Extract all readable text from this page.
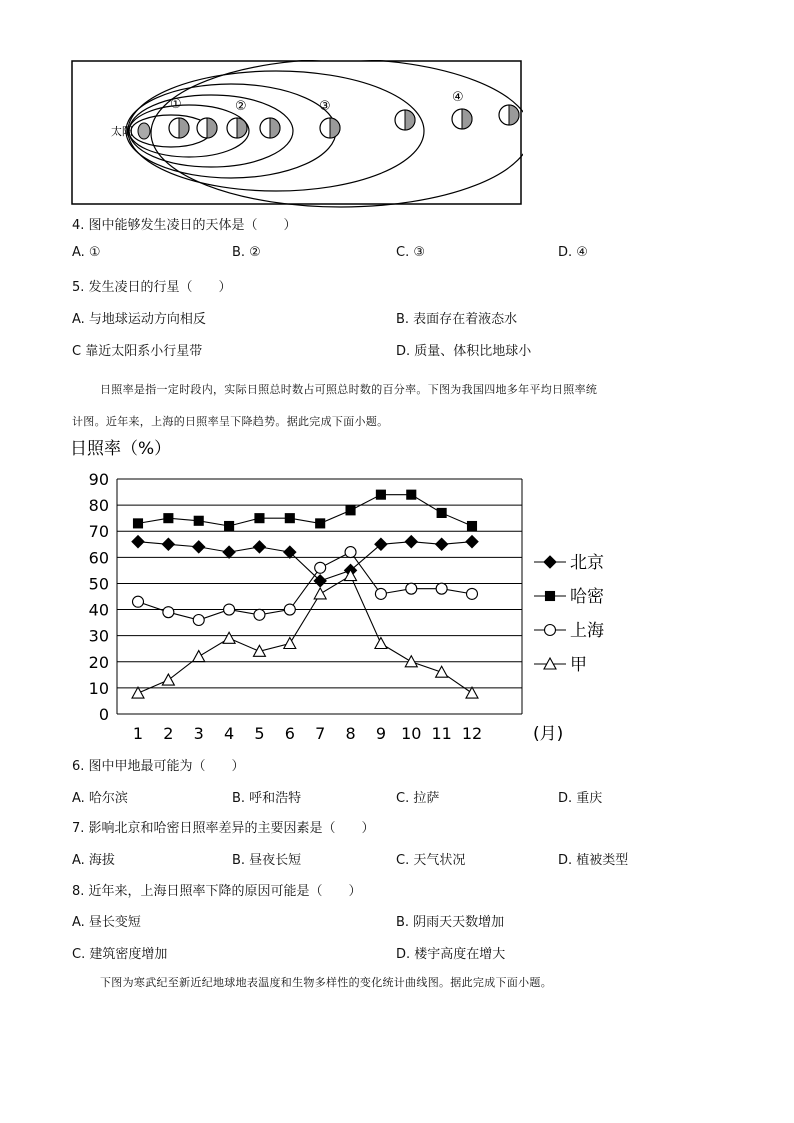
太阳
①	②	③
④
4. 图中能够发生凌日的天体是（　　）
A. ①	B. ②	C. ③	D. ④
5. 发生凌日的行星（　　）
A. 与地球运动方向相反	B. 表面存在着液态水
C 靠近太阳系小行星带	D. 质量、体积比地球小
日照率是指一定时段内，实际日照总时数占可照总时数的百分率。下图为我国四地多年平均日照率统
计图。近年来，上海的日照率呈下降趋势。据此完成下面小题。
日照率（%）
0
10
20
30
40
50
60
70
80
90
1 2 3 4 5 6 7 8 9 10 11 12	(月)
北京
哈密
上海
甲
6. 图中甲地最可能为（　　）
A. 哈尔滨	B. 呼和浩特	C. 拉萨	D. 重庆
7. 影响北京和哈密日照率差异的主要因素是（　　）
A. 海拔	B. 昼夜长短	C. 天气状况	D. 植被类型
8. 近年来，上海日照率下降的原因可能是（　　）
A. 昼长变短	B. 阴雨天天数增加
C. 建筑密度增加	D. 楼宇高度在增大
下图为寒武纪至新近纪地球地表温度和生物多样性的变化统计曲线图。据此完成下面小题。
